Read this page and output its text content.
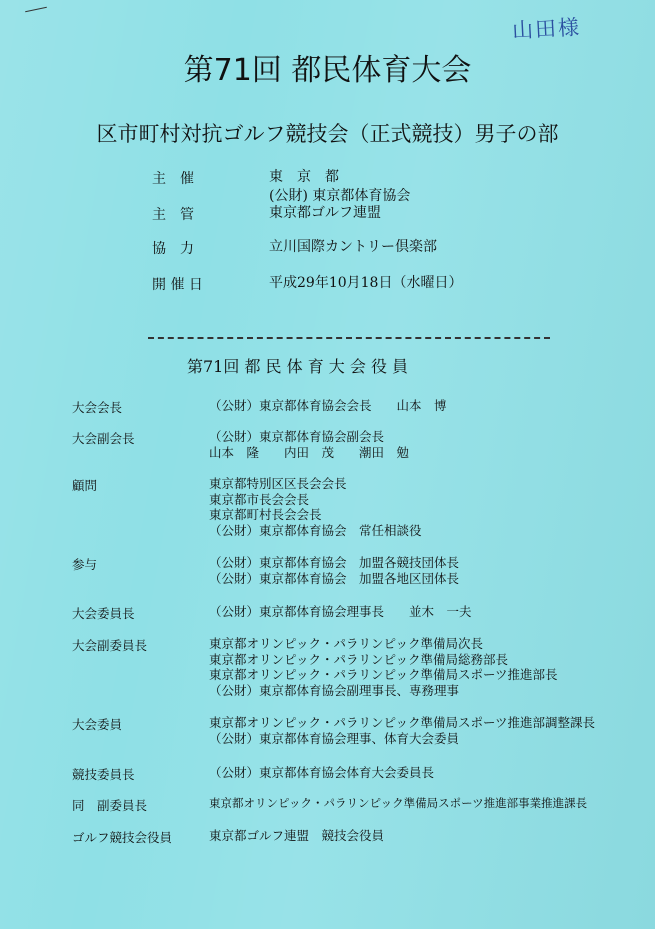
山田様
第71回 都民体育大会
区市町村対抗ゴルフ競技会（正式競技）男子の部
主　催	東　京　都
(公財) 東京都体育協会
主　管	東京都ゴルフ連盟
協　力	立川国際カントリー倶楽部
開 催 日	平成29年10月18日（水曜日）
第71回 都 民 体 育 大 会 役 員
大会会長	（公財）東京都体育協会会長　　山本　博
大会副会長	（公財）東京都体育協会副会長
山本　隆　　内田　茂　　潮田　勉
顧問	東京都特別区区長会会長
東京都市長会会長
東京都町村長会会長
（公財）東京都体育協会　常任相談役
参与	（公財）東京都体育協会　加盟各競技団体長
（公財）東京都体育協会　加盟各地区団体長
大会委員長	（公財）東京都体育協会理事長　　並木　一夫
大会副委員長	東京都オリンピック・パラリンピック準備局次長
東京都オリンピック・パラリンピック準備局総務部長
東京都オリンピック・パラリンピック準備局スポーツ推進部長
（公財）東京都体育協会副理事長、専務理事
大会委員	東京都オリンピック・パラリンピック準備局スポーツ推進部調整課長
（公財）東京都体育協会理事、体育大会委員
競技委員長	（公財）東京都体育協会体育大会委員長
同　副委員長	東京都オリンピック・パラリンピック準備局スポーツ推進部事業推進課長
ゴルフ競技会役員	東京都ゴルフ連盟　競技会役員
